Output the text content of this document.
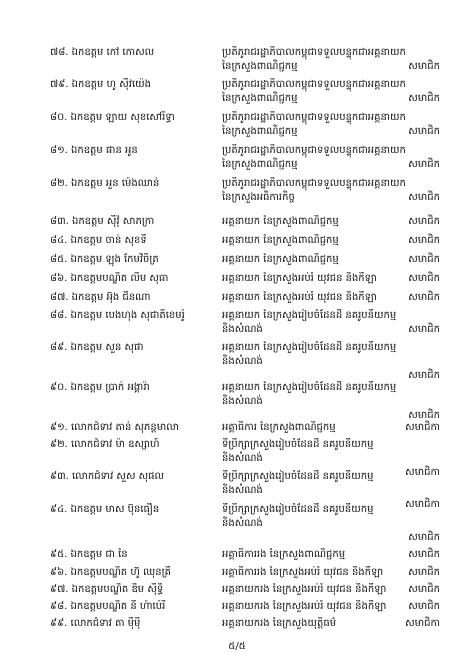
៧៨. ឯកឧត្តម កៅ កោសល	ប្រតិភូរាជរដ្ឋាភិបាលកម្ពុជាទទួលបន្ទុកជាអគ្គនាយក
នៃក្រសួងពាណិជ្ជកម្ម	សមាជិក
៧៩. ឯកឧត្តម ហូ ស៊ីវយ៉េង	ប្រតិភូរាជរដ្ឋាភិបាលកម្ពុជាទទួលបន្ទុកជាអគ្គនាយក
នៃក្រសួងពាណិជ្ជកម្ម	សមាជិក
៨០. ឯកឧត្តម ឡាយ សុខសៅរិទ្ធា	ប្រតិភូរាជរដ្ឋាភិបាលកម្ពុជាទទួលបន្ទុកជាអគ្គនាយក
នៃក្រសួងពាណិជ្ជកម្ម	សមាជិក
៨១. ឯកឧត្តម ផាន អូន	ប្រតិភូរាជរដ្ឋាភិបាលកម្ពុជាទទួលបន្ទុកជាអគ្គនាយក
នៃក្រសួងពាណិជ្ជកម្ម	សមាជិក
៨២. ឯកឧត្តម អួន ម៉េងឈាន់	ប្រតិភូរាជរដ្ឋាភិបាលកម្ពុជាទទួលបន្ទុកជាអគ្គនាយក
នៃក្រសួងអធិការកិច្ច	សមាជិក
៨៣. ឯកឧត្តម ស៊ីវ៉ុ សាភក្រា	អគ្គនាយក នៃក្រសួងពាណិជ្ជកម្ម	សមាជិក
៨៤. ឯកឧត្តម ចាន់ សុខទី	អគ្គនាយក នៃក្រសួងពាណិជ្ជកម្ម	សមាជិក
៨៥. ឯកឧត្តម ឡុង កែមវិចិត្រ	អគ្គនាយក នៃក្រសួងពាណិជ្ជកម្ម	សមាជិក
៨៦. ឯកឧត្តមបណ្ឌិត លឹម សុធា	អគ្គនាយក នៃក្រសួងអប់រំ យុវជន និងកីឡា	សមាជិក
៨៧. ឯកឧត្តម អ៊ុង ជីនណា	អគ្គនាយក នៃក្រសួងអប់រំ យុវជន និងកីឡា	សមាជិក
៨៨. ឯកឧត្តម បេងហុង សុជាតិខេមរ៉ូ	អគ្គនាយក នៃក្រសួងរៀបចំដែនដី នគរូបនីយកម្ម
និងសំណង់	សមាជិក
៨៩. ឯកឧត្តម សួន សុផា	អគ្គនាយក នៃក្រសួងរៀបចំដែនដី នគរូបនីយកម្ម
និងសំណង់
សមាជិក
៩០. ឯកឧត្តម ប្រាក់ អង្គារ៉ា	អគ្គនាយក នៃក្រសួងរៀបចំដែនដី នគរូបនីយកម្ម
និងសំណង់
សមាជិក
៩១. លោកជំទាវ តាន់ សុភន្តមាលា	អគ្គាធិការ នៃក្រសួងពាណិជ្ជកម្ម	សមាជិកា
៩២. លោកជំទាវ ម៉ា ឧស្សាហ៍	ទីប្រឹក្សាក្រសួងរៀបចំដែនដី នគរូបនីយកម្ម
និងសំណង់
សមាជិកា
៩៣. លោកជំទាវ សួស សុផល	ទីប្រឹក្សាក្រសួងរៀបចំដែនដី នគរូបនីយកម្ម
និងសំណង់
សមាជិកា
៩៤. ឯកឧត្តម មាស ប៊ុនធឿន	ទីប្រឹក្សាក្រសួងរៀបចំដែនដី នគរូបនីយកម្ម
និងសំណង់
សមាជិក
៩៥. ឯកឧត្តម ជា នៃ	អគ្គាធិការរង នៃក្រសួងពាណិជ្ជកម្ម	សមាជិក
៩៦. ឯកឧត្តមបណ្ឌិត ហ៊ូ ឈុនគ្រី	អគ្គាធិការរង នៃក្រសួងអប់រំ យុវជន និងកីឡា	សមាជិក
៩៧. ឯកឧត្តមបណ្ឌិត ឌិម ស៊ីទ្ធិ	អគ្គនាយករង នៃក្រសួងអប់រំ យុវជន និងកីឡា	សមាជិក
៩៨. ឯកឧត្តមបណ្ឌិត នី ហ៉ាប៉េរី	អគ្គនាយករង នៃក្រសួងអប់រំ យុវជន និងកីឡា	សមាជិក
៩៩. លោកជំទាវ តា ម៉ីមុី	អគ្គនាយករង នៃក្រសួងយុត្តិធម៌	សមាជិកា
៥/៥
